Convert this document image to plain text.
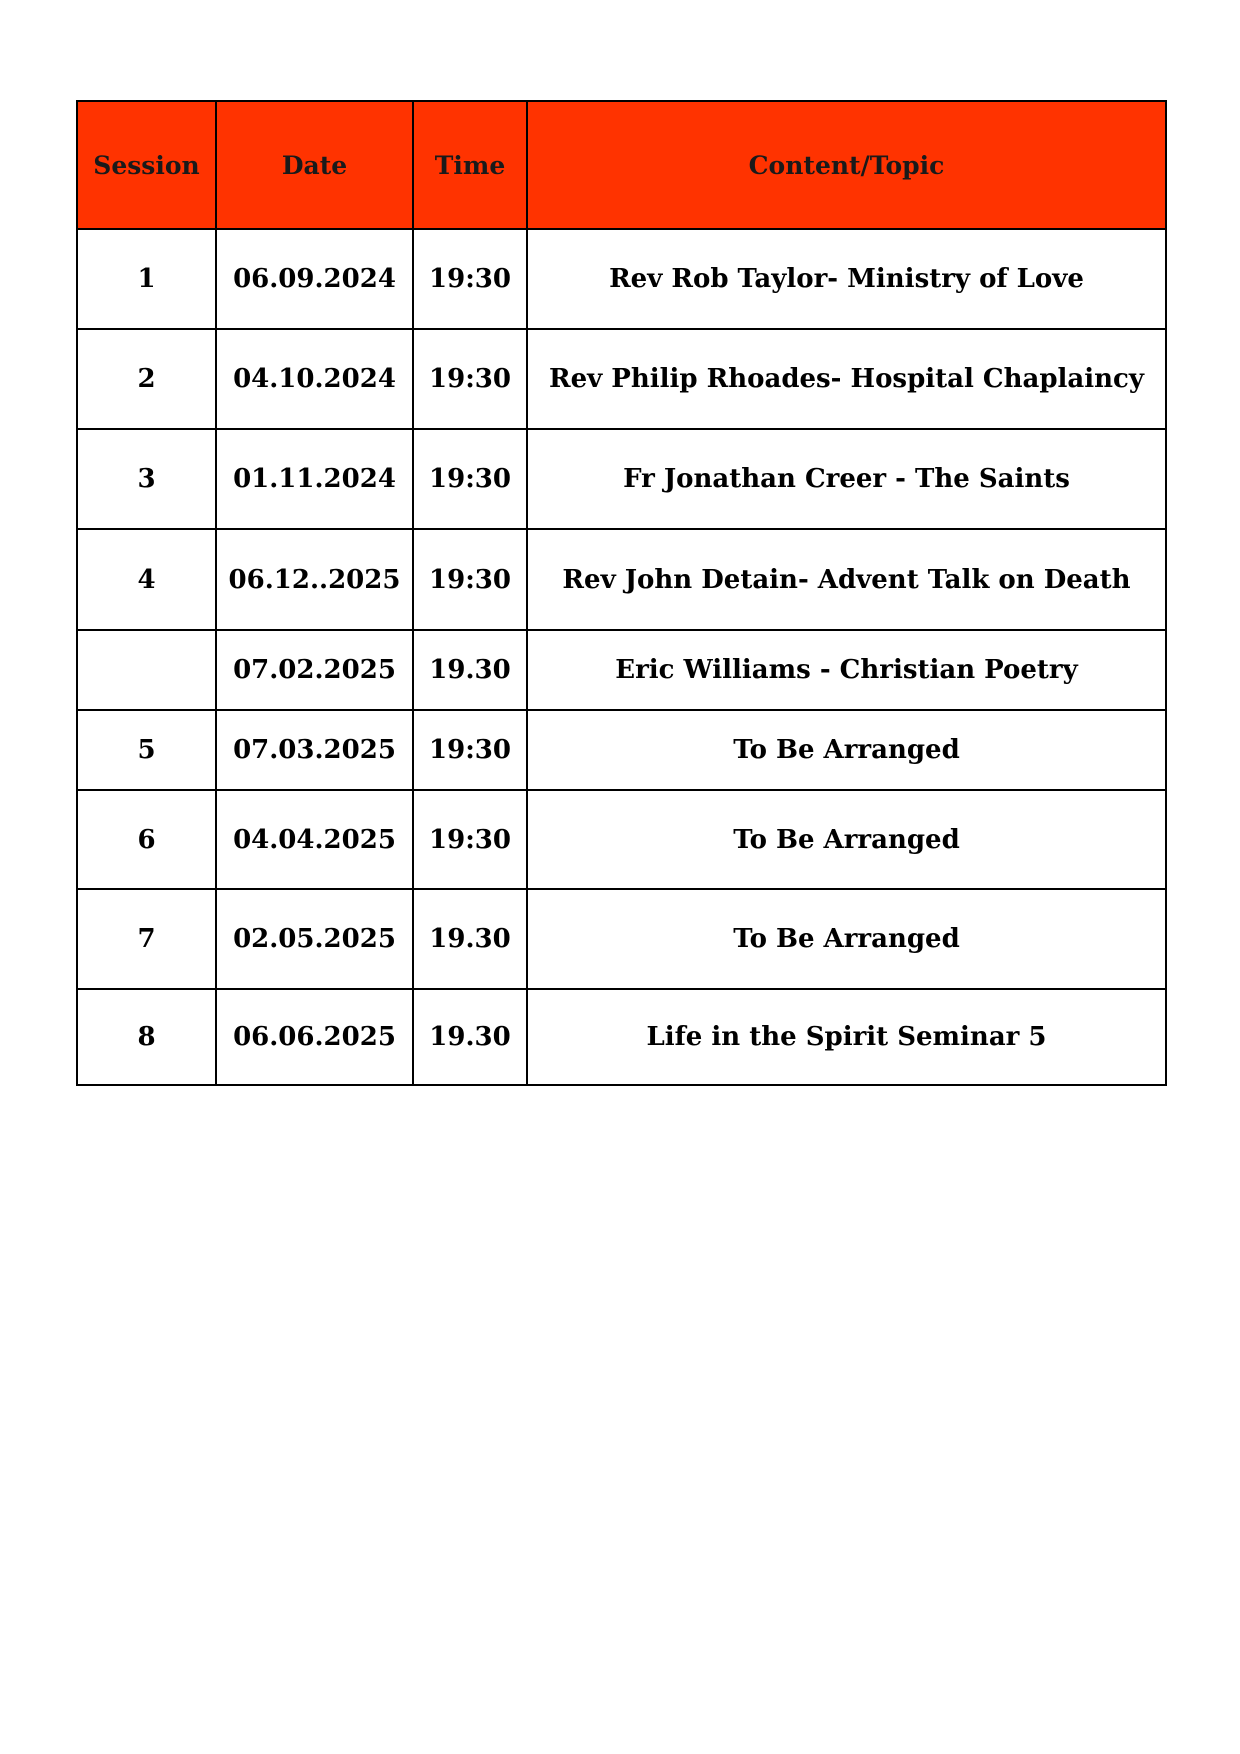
Session	Date	Time	Content/Topic
1	06.09.2024	19:30	Rev Rob Taylor- Ministry of Love
2	04.10.2024	19:30	Rev Philip Rhoades- Hospital Chaplaincy
3	01.11.2024	19:30	Fr Jonathan Creer - The Saints
4	06.12..2025	19:30	Rev John Detain- Advent Talk on Death
	07.02.2025	19.30	Eric Williams - Christian Poetry
5	07.03.2025	19:30	To Be Arranged
6	04.04.2025	19:30	To Be Arranged
7	02.05.2025	19.30	To Be Arranged
8	06.06.2025	19.30	Life in the Spirit Seminar 5
